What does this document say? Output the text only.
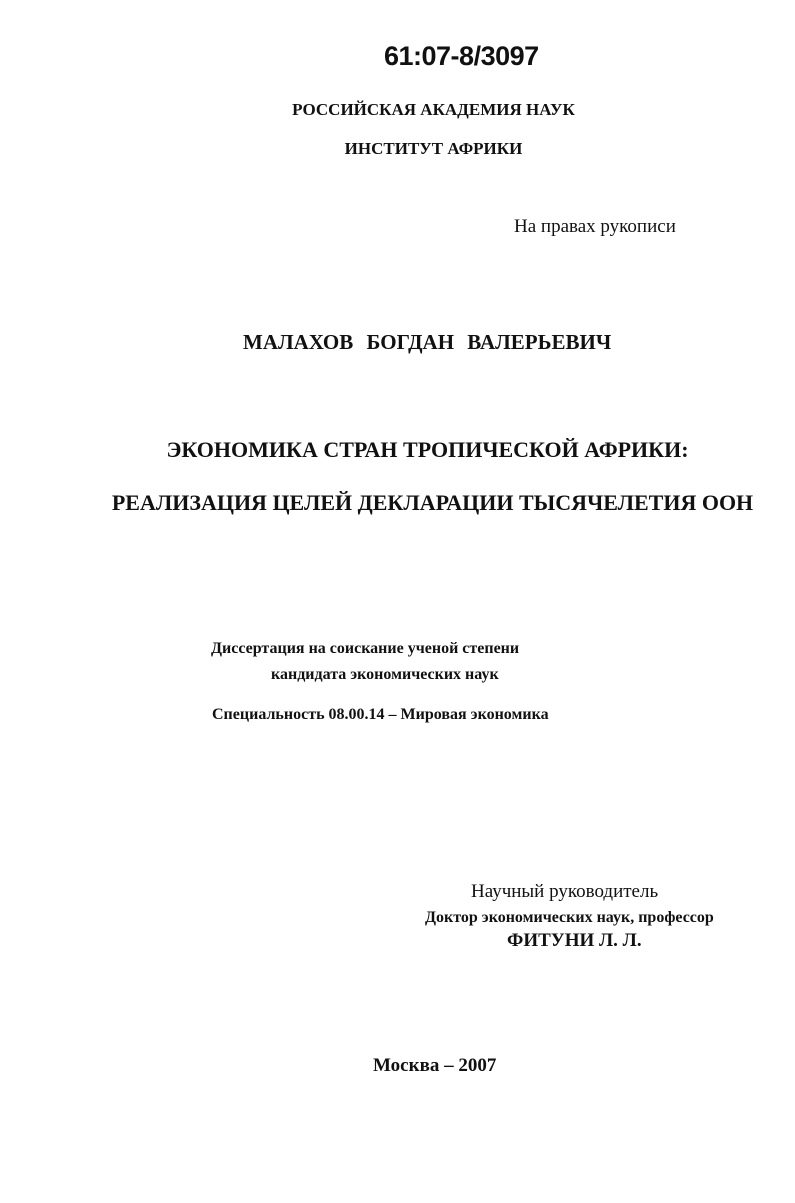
61:07-8/3097

РОССИЙСКАЯ АКАДЕМИЯ НАУК

ИНСТИТУТ АФРИКИ

На правах рукописи

МАЛАХОВ БОГДАН ВАЛЕРЬЕВИЧ

ЭКОНОМИКА СТРАН ТРОПИЧЕСКОЙ АФРИКИ:

РЕАЛИЗАЦИЯ ЦЕЛЕЙ ДЕКЛАРАЦИИ ТЫСЯЧЕЛЕТИЯ ООН

Диссертация на соискание ученой степени

кандидата экономических наук

Специальность 08.00.14 – Мировая экономика

Научный руководитель

Доктор экономических наук, профессор

ФИТУНИ Л. Л.

Москва – 2007
